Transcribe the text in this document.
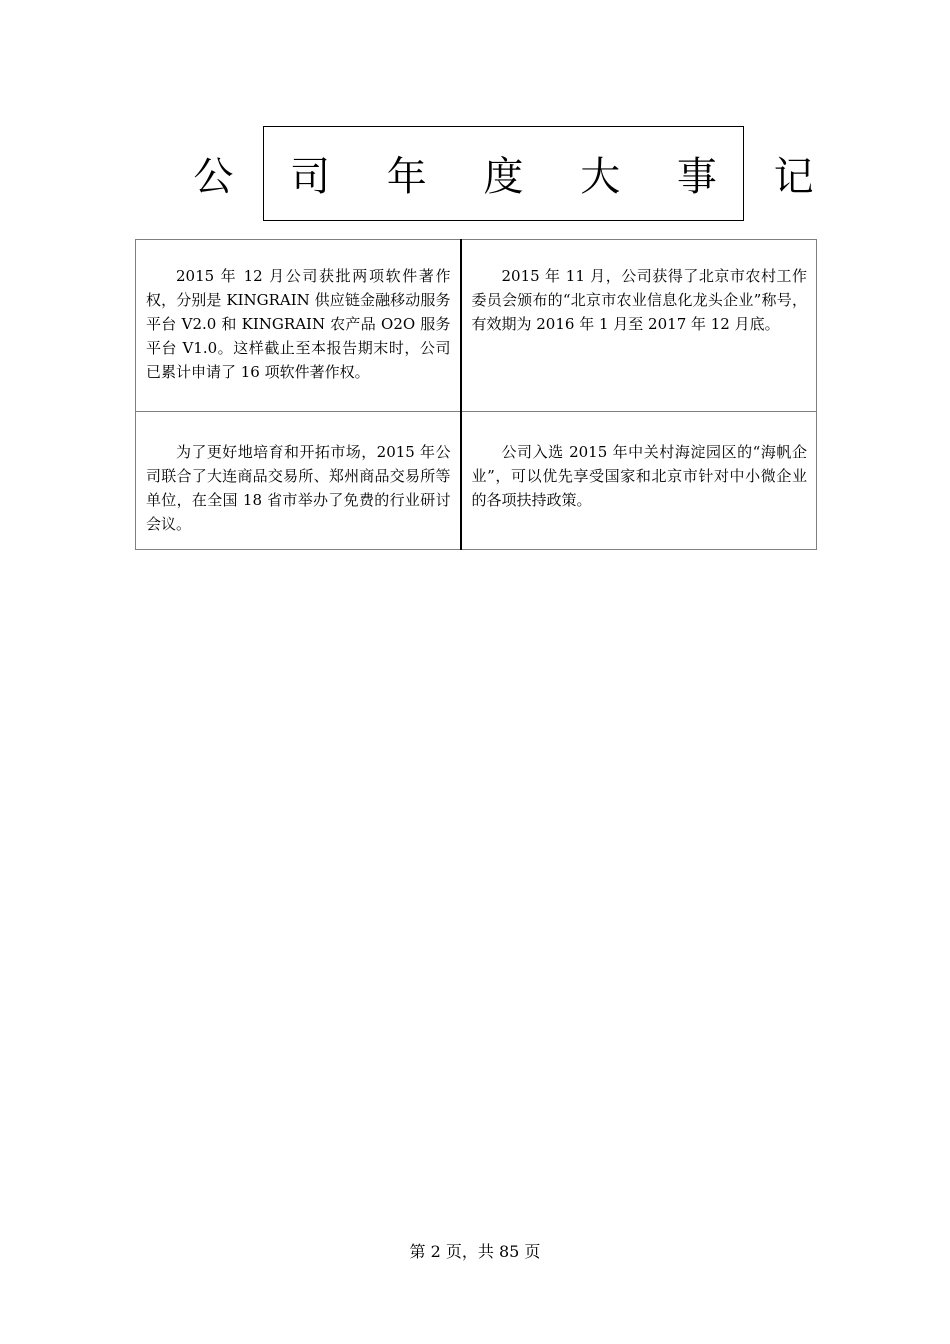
公 司 年 度 大 事 记

2015 年 12 月公司获批两项软件著作权，分别是 KINGRAIN 供应链金融移动服务平台 V2.0 和 KINGRAIN 农产品 O2O 服务平台 V1.0。这样截止至本报告期末时，公司已累计申请了 16 项软件著作权。	2015 年 11 月，公司获得了北京市农村工作委员会颁布的“北京市农业信息化龙头企业”称号，有效期为 2016 年 1 月至 2017 年 12 月底。

为了更好地培育和开拓市场，2015 年公司联合了大连商品交易所、郑州商品交易所等单位，在全国 18 省市举办了免费的行业研讨会议。	公司入选 2015 年中关村海淀园区的“海帆企业”，可以优先享受国家和北京市针对中小微企业的各项扶持政策。

第 2 页，共 85 页
